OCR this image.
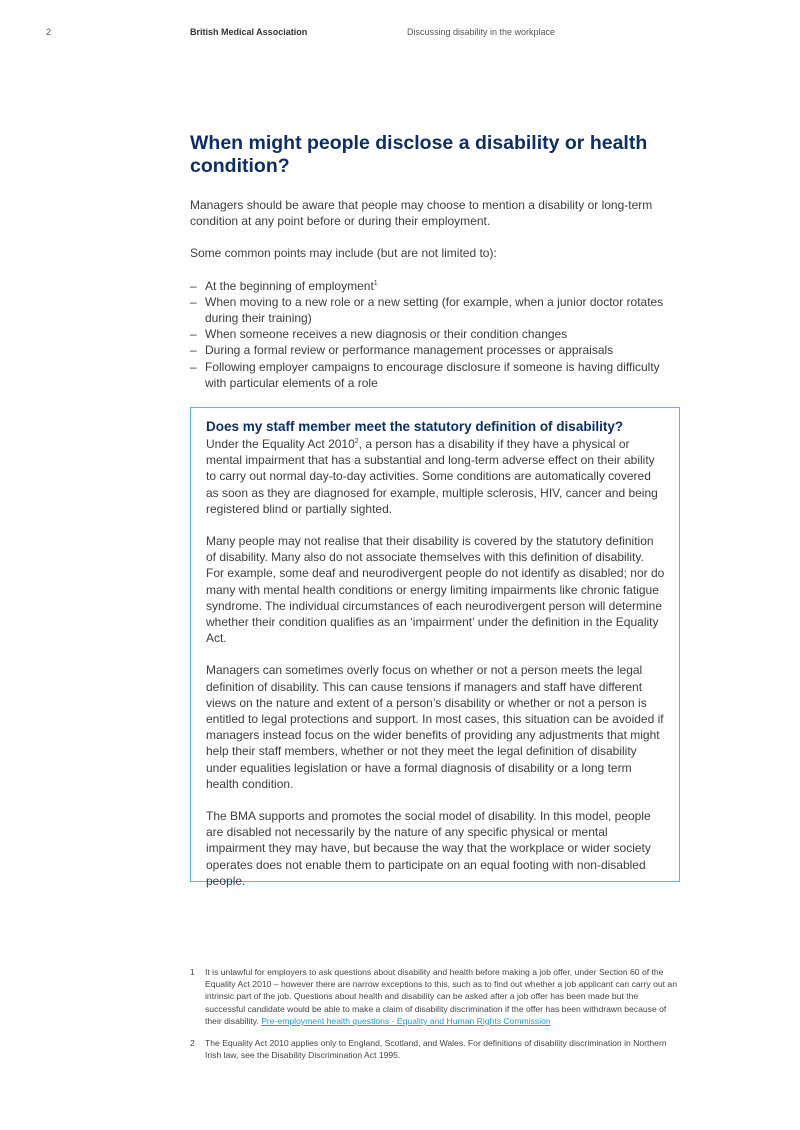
2	British Medical Association	Discussing disability in the workplace
When might people disclose a disability or health condition?

Managers should be aware that people may choose to mention a disability or long-term condition at any point before or during their employment.

Some common points may include (but are not limited to):

– At the beginning of employment$^1$
– When moving to a new role or a new setting (for example, when a junior doctor rotates during their training)
– When someone receives a new diagnosis or their condition changes
– During a formal review or performance management processes or appraisals
– Following employer campaigns to encourage disclosure if someone is having difficulty with particular elements of a role
Does my staff member meet the statutory definition of disability?

Under the Equality Act 2010$^2$, a person has a disability if they have a physical or mental impairment that has a substantial and long-term adverse effect on their ability to carry out normal day-to-day activities. Some conditions are automatically covered as soon as they are diagnosed for example, multiple sclerosis, HIV, cancer and being registered blind or partially sighted.

Many people may not realise that their disability is covered by the statutory definition of disability. Many also do not associate themselves with this definition of disability. For example, some deaf and neurodivergent people do not identify as disabled; nor do many with mental health conditions or energy limiting impairments like chronic fatigue syndrome. The individual circumstances of each neurodivergent person will determine whether their condition qualifies as an ‘impairment’ under the definition in the Equality Act.

Managers can sometimes overly focus on whether or not a person meets the legal definition of disability. This can cause tensions if managers and staff have different views on the nature and extent of a person’s disability or whether or not a person is entitled to legal protections and support. In most cases, this situation can be avoided if managers instead focus on the wider benefits of providing any adjustments that might help their staff members, whether or not they meet the legal definition of disability under equalities legislation or have a formal diagnosis of disability or a long term health condition.

The BMA supports and promotes the social model of disability. In this model, people are disabled not necessarily by the nature of any specific physical or mental impairment they may have, but because the way that the workplace or wider society operates does not enable them to participate on an equal footing with non-disabled people.

1 It is unlawful for employers to ask questions about disability and health before making a job offer, under Section 60 of the Equality Act 2010 – however there are narrow exceptions to this, such as to find out whether a job applicant can carry out an intrinsic part of the job. Questions about health and disability can be asked after a job offer has been made but the successful candidate would be able to make a claim of disability discrimination if the offer has been withdrawn because of their disability. Pre-employment health questions - Equality and Human Rights Commission
2 The Equality Act 2010 applies only to England, Scotland, and Wales. For definitions of disability discrimination in Northern Irish law, see the Disability Discrimination Act 1995.
